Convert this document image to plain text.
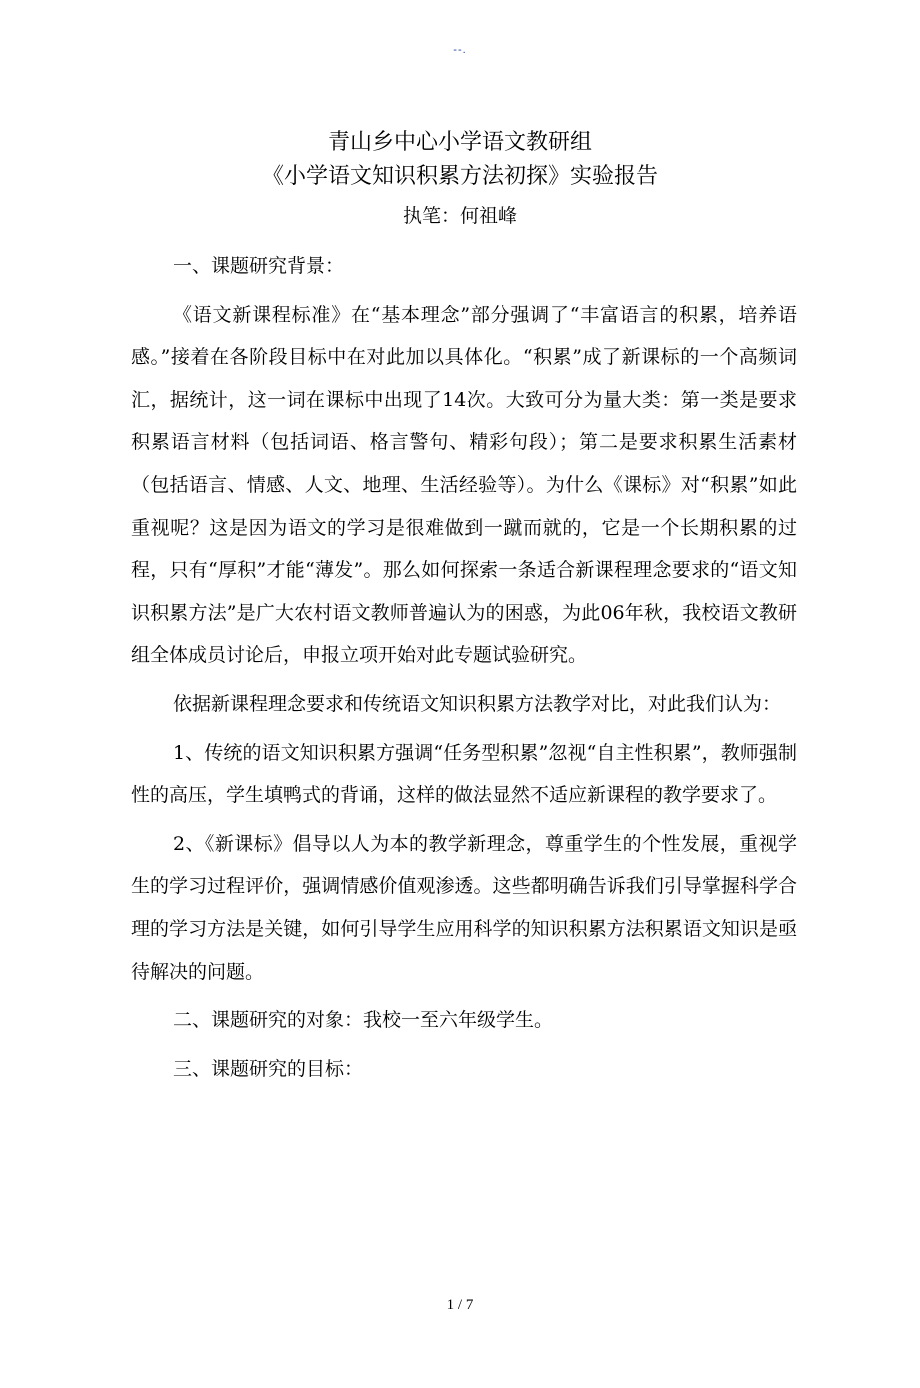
--.
青山乡中心小学语文教研组
《小学语文知识积累方法初探》实验报告
执笔：何祖峰

一、课题研究背景：

《语文新课程标准》在“基本理念”部分强调了“丰富语言的积累，培养语感。”接着在各阶段目标中在对此加以具体化。“积累”成了新课标的一个高频词汇，据统计，这一词在课标中出现了14次。大致可分为量大类：第一类是要求积累语言材料（包括词语、格言警句、精彩句段）；第二是要求积累生活素材（包括语言、情感、人文、地理、生活经验等）。为什么《课标》对“积累”如此重视呢？这是因为语文的学习是很难做到一蹴而就的，它是一个长期积累的过程，只有“厚积”才能“薄发”。那么如何探索一条适合新课程理念要求的“语文知识积累方法”是广大农村语文教师普遍认为的困惑，为此06年秋，我校语文教研组全体成员讨论后，申报立项开始对此专题试验研究。

依据新课程理念要求和传统语文知识积累方法教学对比，对此我们认为：

1、传统的语文知识积累方强调“任务型积累”忽视“自主性积累”，教师强制性的高压，学生填鸭式的背诵，这样的做法显然不适应新课程的教学要求了。

2、《新课标》倡导以人为本的教学新理念，尊重学生的个性发展，重视学生的学习过程评价，强调情感价值观渗透。这些都明确告诉我们引导掌握科学合理的学习方法是关键，如何引导学生应用科学的知识积累方法积累语文知识是亟待解决的问题。

二、课题研究的对象：我校一至六年级学生。

三、课题研究的目标：

1 / 7
